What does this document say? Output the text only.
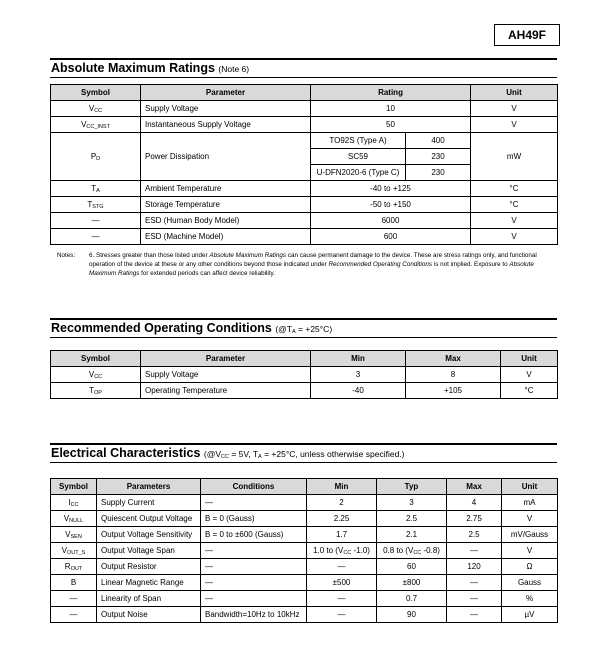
AH49F
Absolute Maximum Ratings (Note 6)
Symbol	Parameter	Rating		Unit
$V_{CC}$	Supply Voltage	10		V
$V_{CC\_INST}$	Instantaneous Supply Voltage	50		V
$P_D$	Power Dissipation	TO92S (Type A)	400	mW
		SC59	230	
		U-DFN2020-6 (Type C)	230	
$T_A$	Ambient Temperature	-40 to +125		°C
$T_{STG}$	Storage Temperature	-50 to +150		°C
—	ESD (Human Body Model)	6000		V
—	ESD (Machine Model)	600		V
Notes: 6. Stresses greater than those listed under Absolute Maximum Ratings can cause permanent damage to the device. These are stress ratings only, and functional operation of the device at these or any other conditions beyond those indicated under Recommended Operating Conditions is not implied. Exposure to Absolute Maximum Ratings for extended periods can affect device reliability.
Recommended Operating Conditions $(@T_A = +25^\circ C)$
Symbol	Parameter	Min	Max	Unit
$V_{CC}$	Supply Voltage	3	8	V
$T_{OP}$	Operating Temperature	-40	+105	°C
Electrical Characteristics ($@V_{CC} = 5V$, $T_A = +25^\circ C$, unless otherwise specified.)
Symbol	Parameters	Conditions	Min	Typ	Max	Unit
$I_{CC}$	Supply Current	—	2	3	4	mA
$V_{NULL}$	Quiescent Output Voltage	B = 0 (Gauss)	2.25	2.5	2.75	V
$V_{SEN}$	Output Voltage Sensitivity	B = 0 to ±600 (Gauss)	1.7	2.1	2.5	mV/Gauss
$V_{OUT\_S}$	Output Voltage Span	—	1.0 to ($V_{CC}$ -1.0)	0.8 to ($V_{CC}$ -0.8)	—	V
$R_{OUT}$	Output Resistor	—	—	60	120	Ω
B	Linear Magnetic Range	—	±500	±800	—	Gauss
—	Linearity of Span	—	—	0.7	—	%
—	Output Noise	Bandwidth=10Hz to 10kHz	—	90	—	µV
